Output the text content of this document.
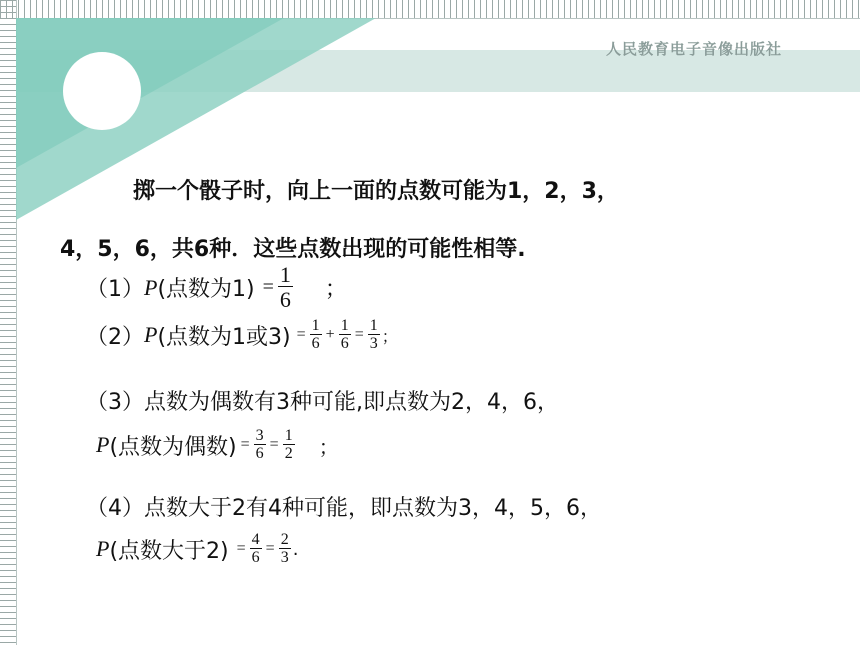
人民教育电子音像出版社
掷一个骰子时，向上一面的点数可能为1，2，3，
4，5，6，共6种．这些点数出现的可能性相等.
（1） P (点数为$1) = \frac{1}{6}$ ；
（2） P (点数为1或$3) = \frac{1}{6} + \frac{1}{6} = \frac{1}{3}$ ；
（3）点数为偶数有3种可能,即点数为2，4，6，
P (点数为偶数) = $\frac{3}{6} = \frac{1}{2}$ ；
（4）点数大于2有4种可能，即点数为3，4，5，6，
P (点数大于$2) = \frac{4}{6} = \frac{2}{3}$ .
